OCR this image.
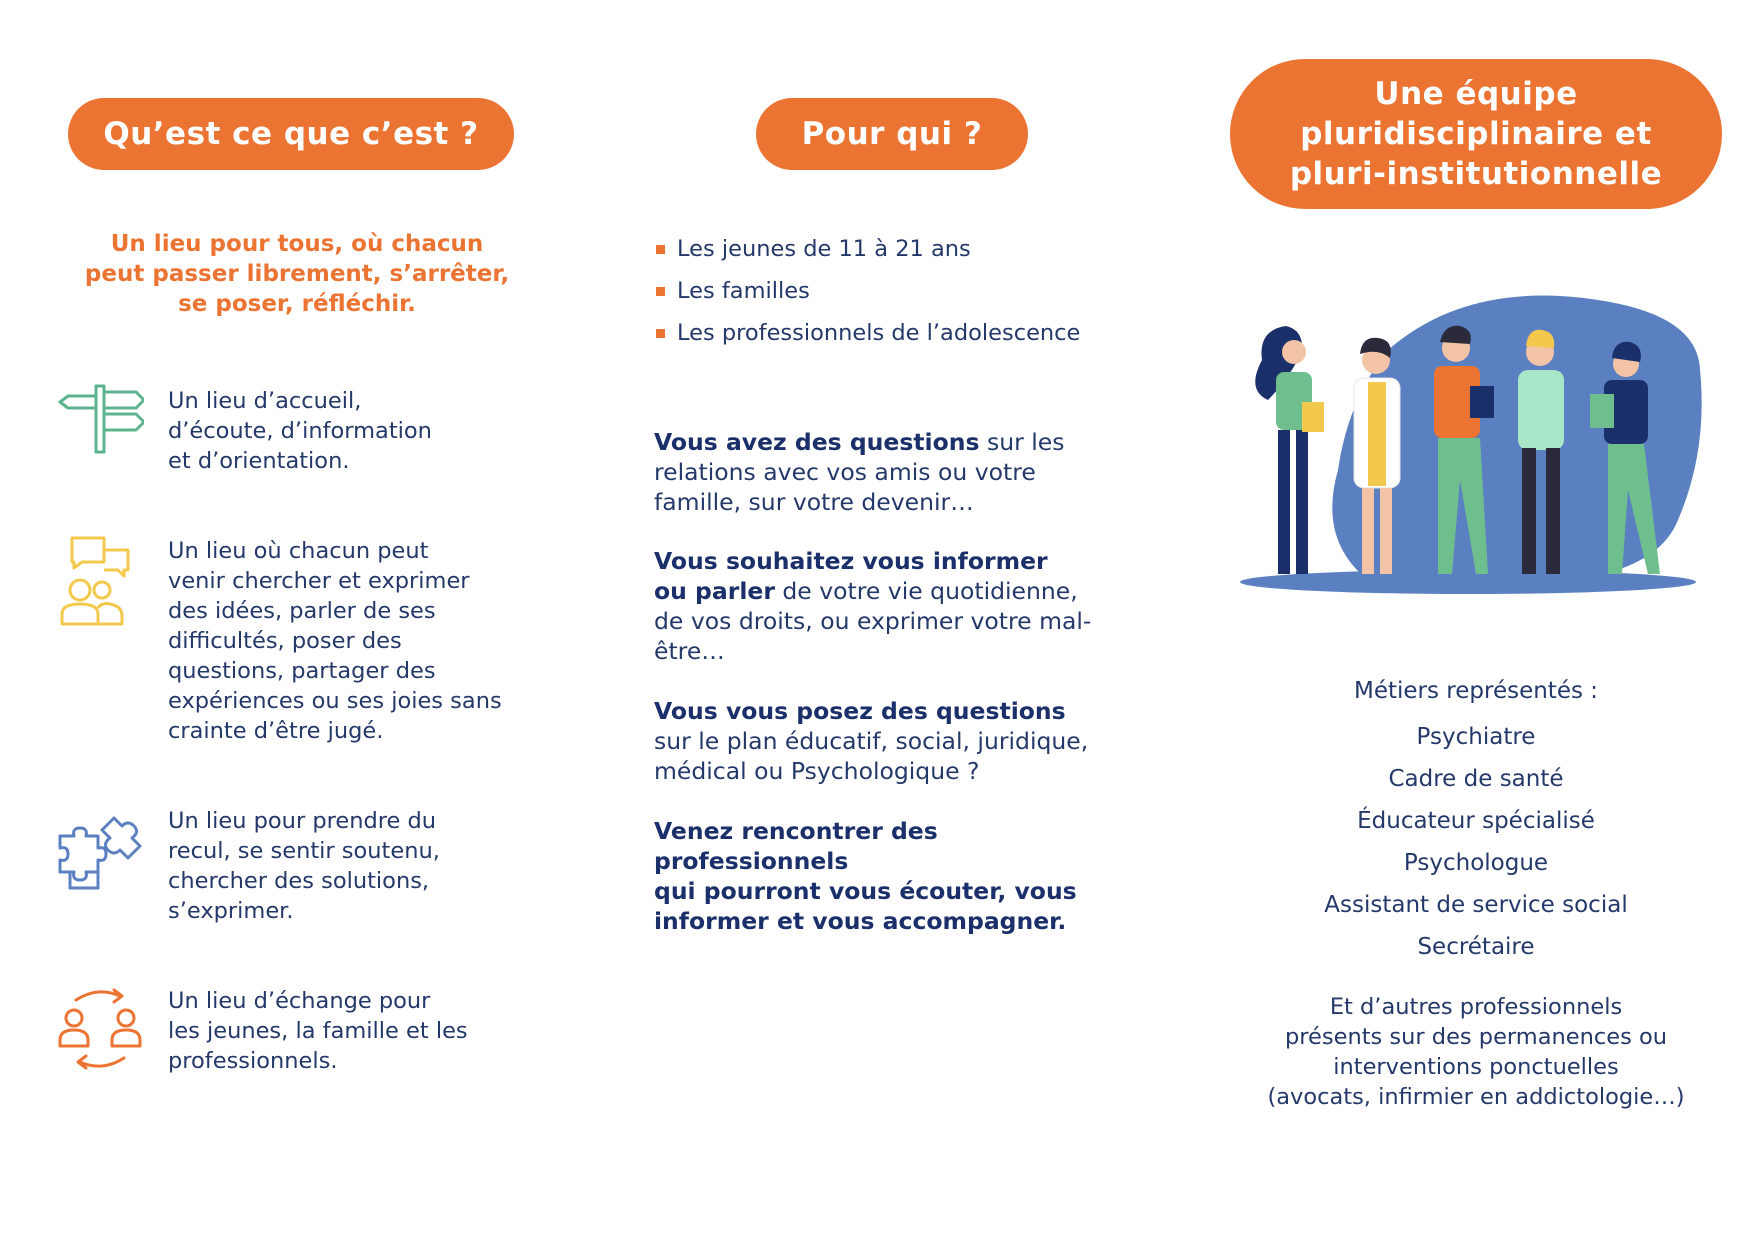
Qu’est ce que c’est ?
Un lieu pour tous, où chacun
peut passer librement, s’arrêter,
se poser, réfléchir.
Un lieu d’accueil,
d’écoute, d’information
et d’orientation.
Un lieu où chacun peut
venir chercher et exprimer
des idées, parler de ses
difficultés, poser des
questions, partager des
expériences ou ses joies sans
crainte d’être jugé.
Un lieu pour prendre du
recul, se sentir soutenu,
chercher des solutions,
s’exprimer.
Un lieu d’échange pour
les jeunes, la famille et les
professionnels.
Pour qui ?
Les jeunes de 11 à 21 ans
Les familles
Les professionnels de l’adolescence
Vous avez des questions sur les
relations avec vos amis ou votre
famille, sur votre devenir…
Vous souhaitez vous informer
ou parler de votre vie quotidienne,
de vos droits, ou exprimer votre mal-
être…
Vous vous posez des questions
sur le plan éducatif, social, juridique,
médical ou Psychologique ?
Venez rencontrer des professionnels
qui pourront vous écouter, vous
informer et vous accompagner.
Une équipe
pluridisciplinaire et
pluri-institutionnelle
Métiers représentés :
Psychiatre
Cadre de santé
Éducateur spécialisé
Psychologue
Assistant de service social
Secrétaire
Et d’autres professionnels
présents sur des permanences ou
interventions ponctuelles
(avocats, infirmier en addictologie…)
